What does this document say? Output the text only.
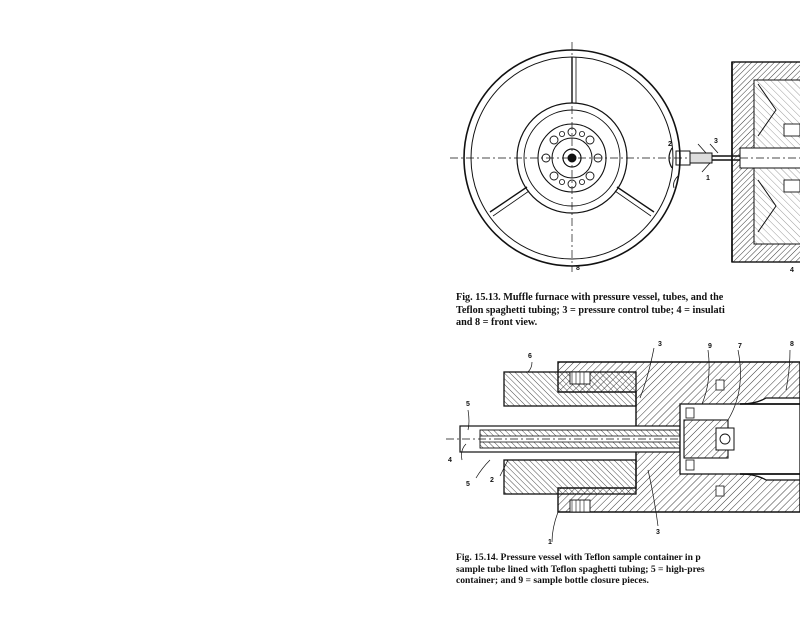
2	3
1
8	4
Fig. 15.13. Muffle furnace with pressure vessel, tubes, and the
Teflon spaghetti tubing; 3 = pressure control tube; 4 = insulati
and 8 = front view.
3	9	7	8
6
5
4
5
2
1
3
Fig. 15.14. Pressure vessel with Teflon sample container in p
sample tube lined with Teflon spaghetti tubing; 5 = high-pres
container; and 9 = sample bottle closure pieces.
